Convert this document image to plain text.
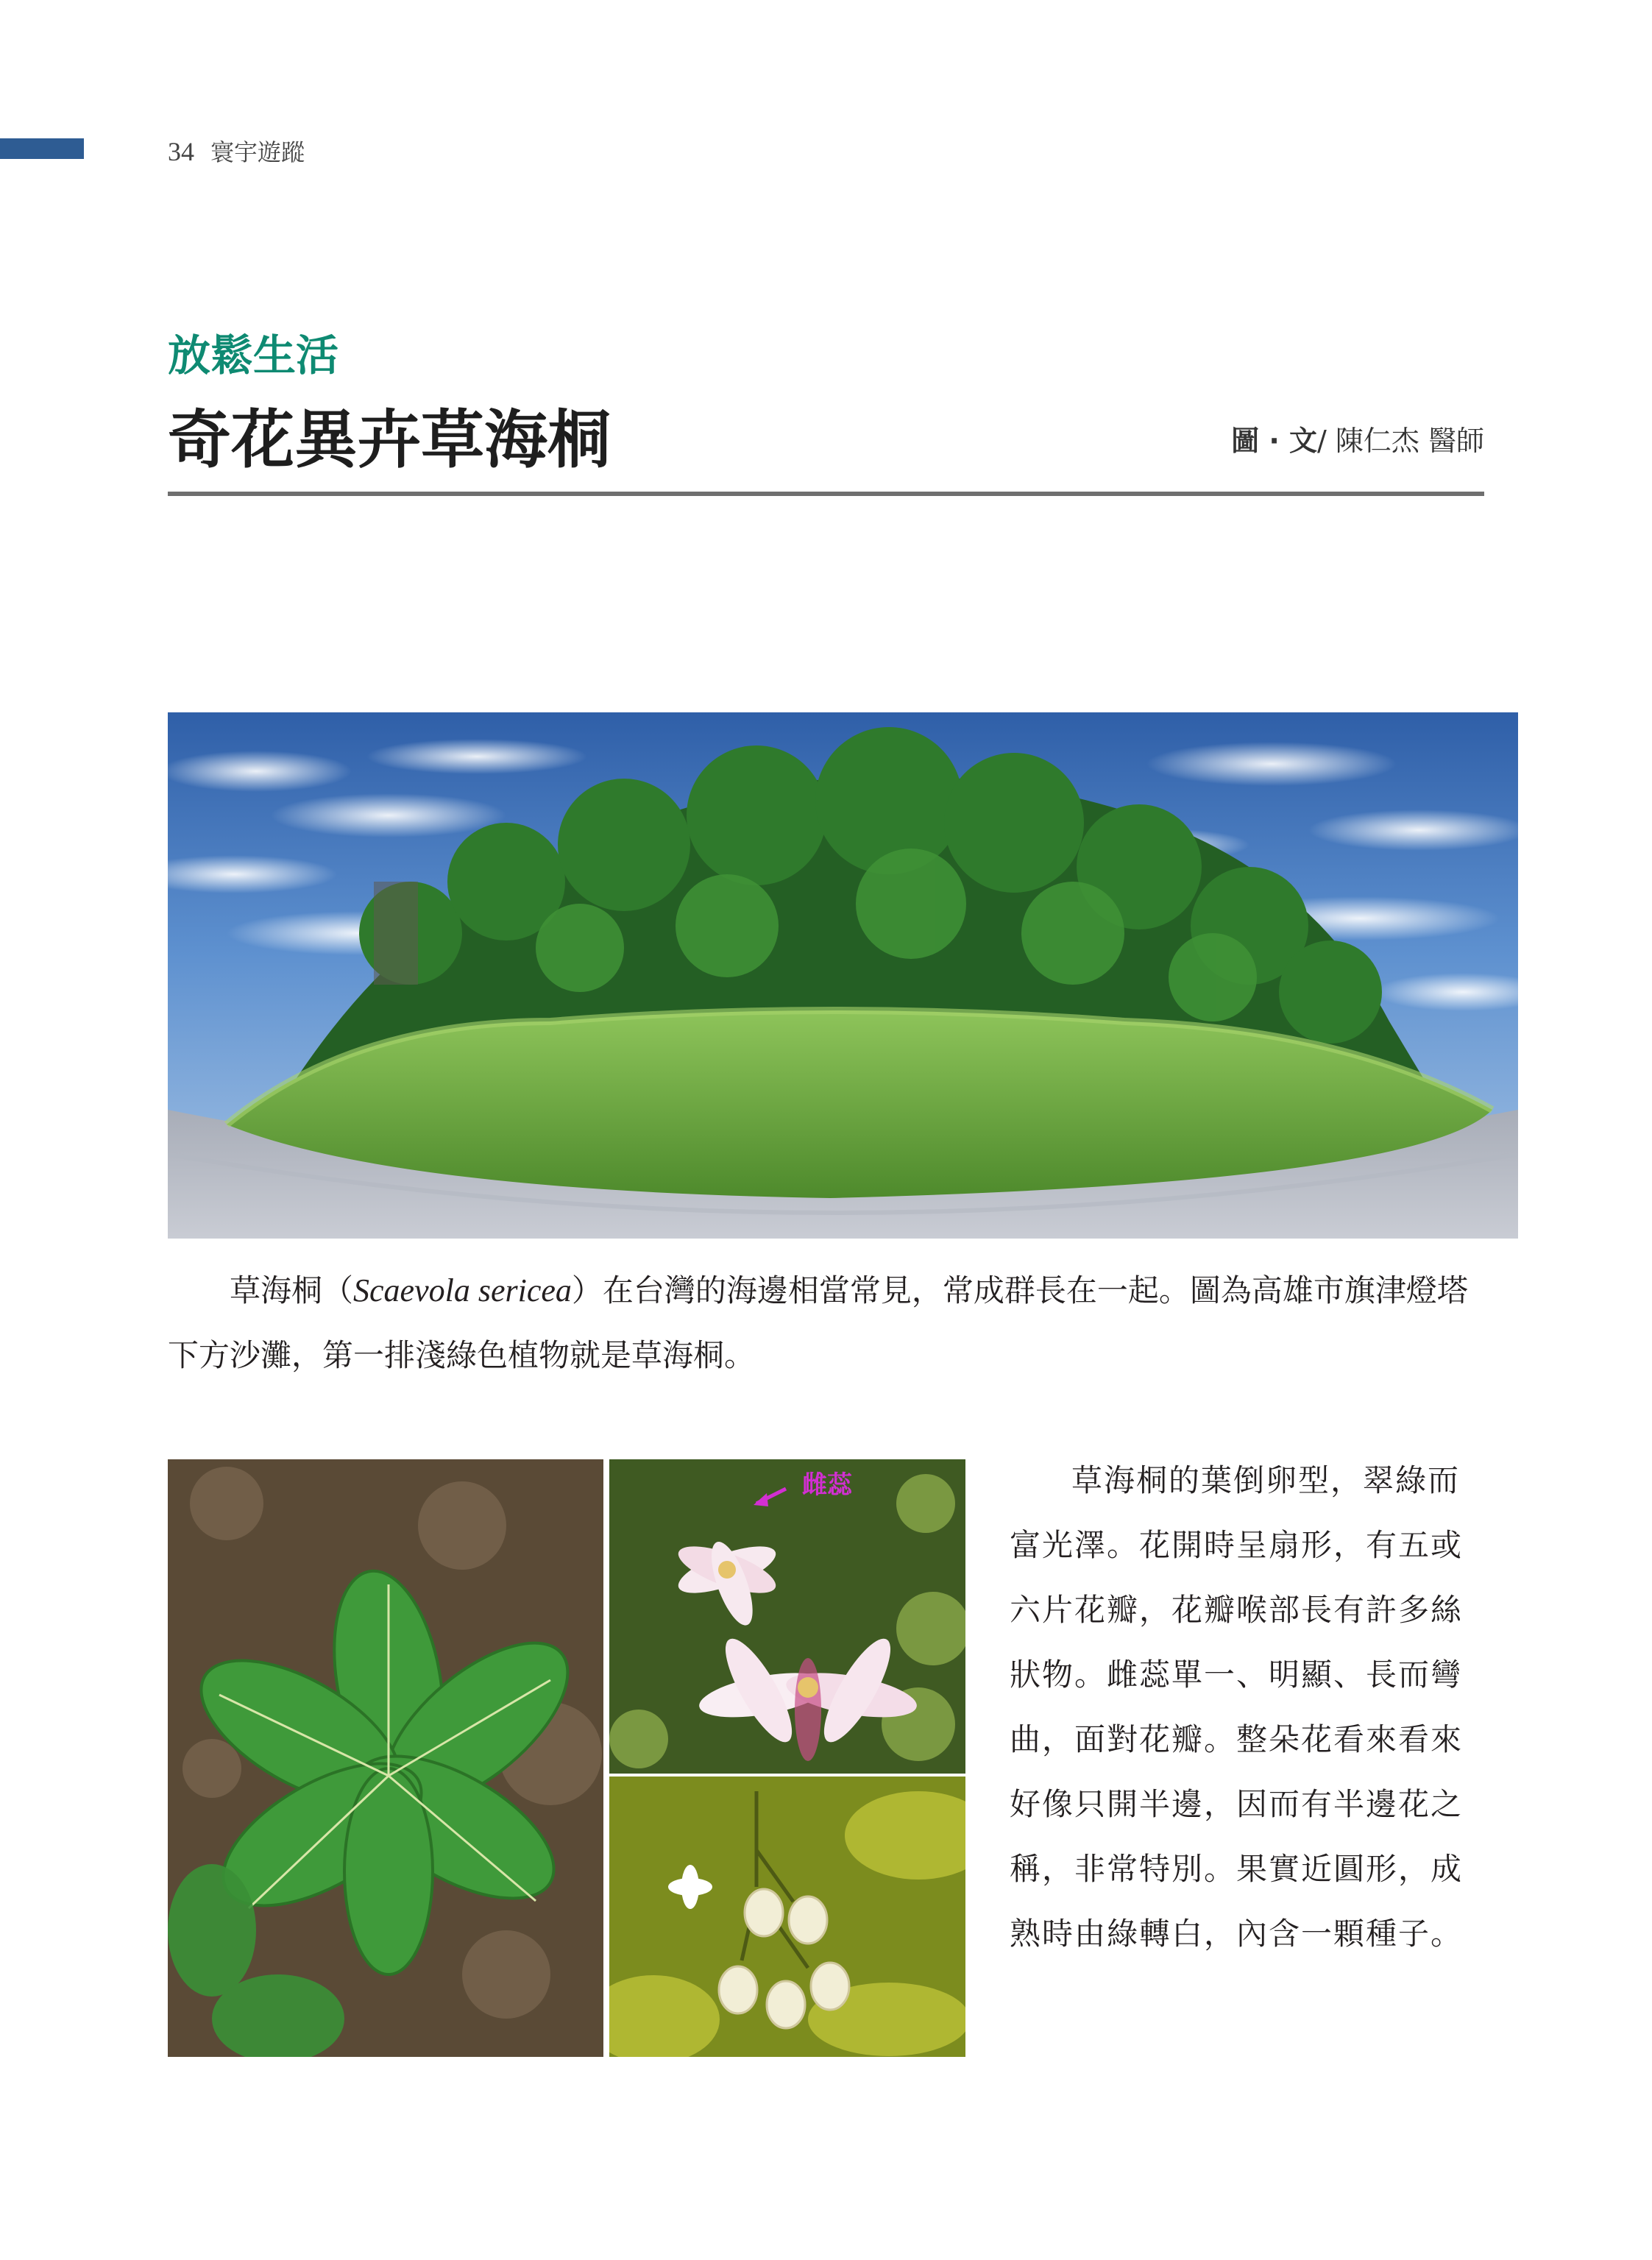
34 寰宇遊蹤
放鬆生活
奇花異卉草海桐	圖 · 文/ 陳仁杰 醫師
草海桐（Scaevola sericea）在台灣的海邊相當常見，常成群長在一起。圖為高雄市旗津燈塔下方沙灘，第一排淺綠色植物就是草海桐。
雌蕊	草海桐的葉倒卵型，翠綠而富光澤。花開時呈扇形，有五或六片花瓣，花瓣喉部長有許多絲狀物。雌蕊單一、明顯、長而彎曲，面對花瓣。整朵花看來看來好像只開半邊，因而有半邊花之稱，非常特別。果實近圓形，成熟時由綠轉白，內含一顆種子。
